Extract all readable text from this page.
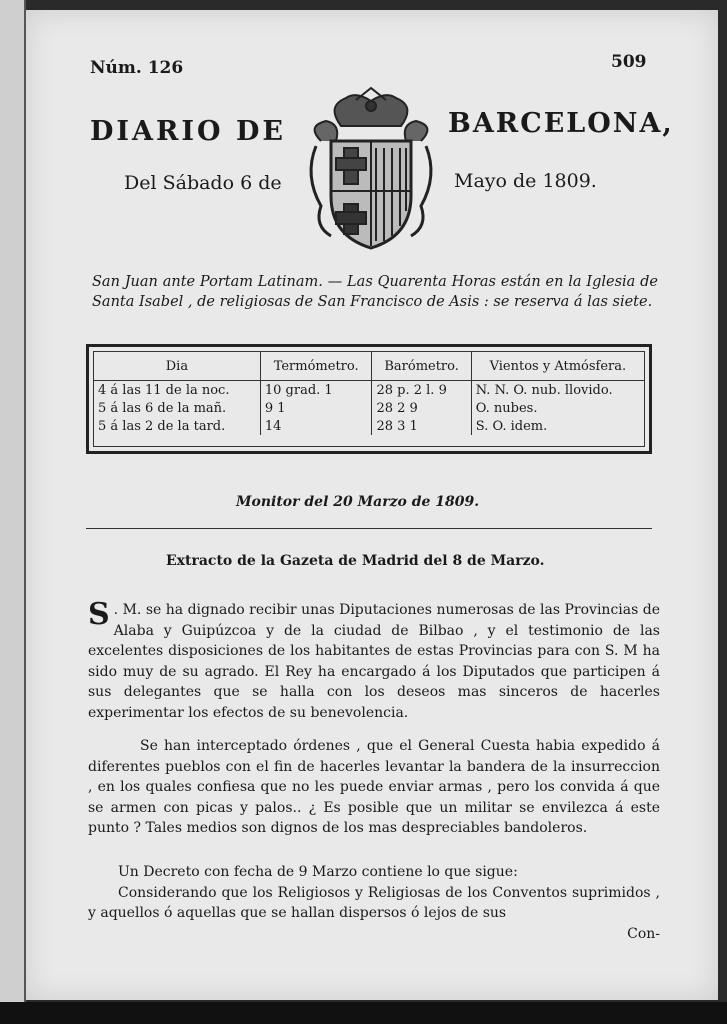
Núm. 126	509
DIARIO DE	BARCELONA,
Del Sábado 6 de	Mayo de 1809.
San Juan ante Portam Latinam. — Las Quarenta Horas están en la Iglesia de Santa Isabel , de religiosas de San Francisco de Asis : se reserva á las siete.
Dia	Termómetro.	Barómetro.	Vientos y Atmósfera.
4 á las 11 de la noc.	10 grad. 1	28 p. 2 l. 9	N. N. O. nub. llovido.
5 á las 6 de la mañ.	9 1	28 2 9	O. nubes.
5 á las 2 de la tard.	14	28 3 1	S. O. idem.
Monitor del 20 Marzo de 1809.
Extracto de la Gazeta de Madrid del 8 de Marzo.
S . M. se ha dignado recibir unas Diputaciones numerosas de las Provincias de Alaba y Guipúzcoa y de la ciudad de Bilbao , y el testimonio de las excelentes disposiciones de los habitantes de estas Provincias para con S. M ha sido muy de su agrado. El Rey ha encargado á los Diputados que participen á sus delegantes que se halla con los deseos mas sinceros de hacerles experimentar los efectos de su benevolencia.
Se han interceptado órdenes , que el General Cuesta habia expedido á diferentes pueblos con el fin de hacerles levantar la bandera de la insurreccion , en los quales confiesa que no les puede enviar armas , pero los convida á que se armen con picas y palos.. ¿ Es posible que un militar se envilezca á este punto ? Tales medios son dignos de los mas despreciables bandoleros.
Un Decreto con fecha de 9 Marzo contiene lo que sigue:
Considerando que los Religiosos y Religiosas de los Conventos suprimidos , y aquellos ó aquellas que se hallan dispersos ó lejos de sus
Con-
